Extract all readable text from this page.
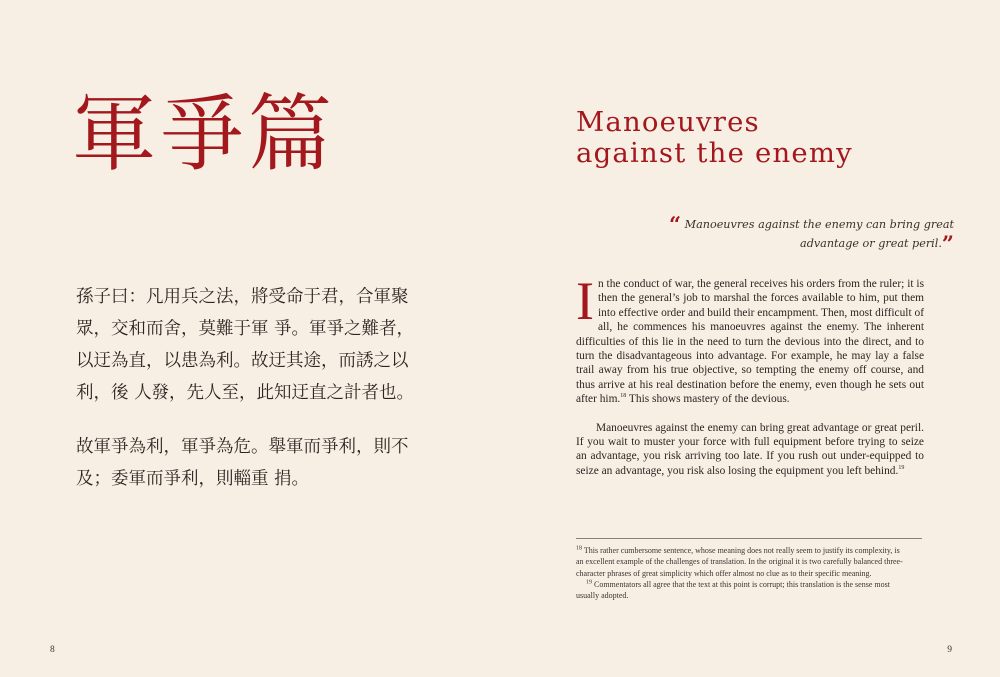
軍爭篇

孫子曰：凡用兵之法，將受命于君，合軍聚眾，交和而舍，莫難于軍 爭。軍爭之難者，以迂為直，以患為利。故迂其途，而誘之以利，後 人發，先人至，此知迂直之計者也。

故軍爭為利，軍爭為危。舉軍而爭利，則不及；委軍而爭利，則輜重 捐。

8
Manoeuvres
against the enemy

“ Manoeuvres against the enemy can bring great advantage or great peril.”

In the conduct of war, the general receives his orders from the ruler; it is then the general’s job to marshal the forces available to him, put them into effective order and build their encampment. Then, most difficult of all, he commences his manoeuvres against the enemy. The inherent difficulties of this lie in the need to turn the devious into the direct, and to turn the disadvantageous into advantage. For example, he may lay a false trail away from his true objective, so tempting the enemy off course, and thus arrive at his real destination before the enemy, even though he sets out after him.$^{18}$ This shows mastery of the devious.

Manoeuvres against the enemy can bring great advantage or great peril. If you wait to muster your force with full equipment before trying to seize an advantage, you risk arriving too late. If you rush out under-equipped to seize an advantage, you risk also losing the equipment you left behind.$^{19}$

$^{18}$ This rather cumbersome sentence, whose meaning does not really seem to justify its complexity, is an excellent example of the challenges of translation. In the original it is two carefully balanced three-character phrases of great simplicity which offer almost no clue as to their specific meaning.

$^{19}$ Commentators all agree that the text at this point is corrupt; this translation is the sense most usually adopted.

9
